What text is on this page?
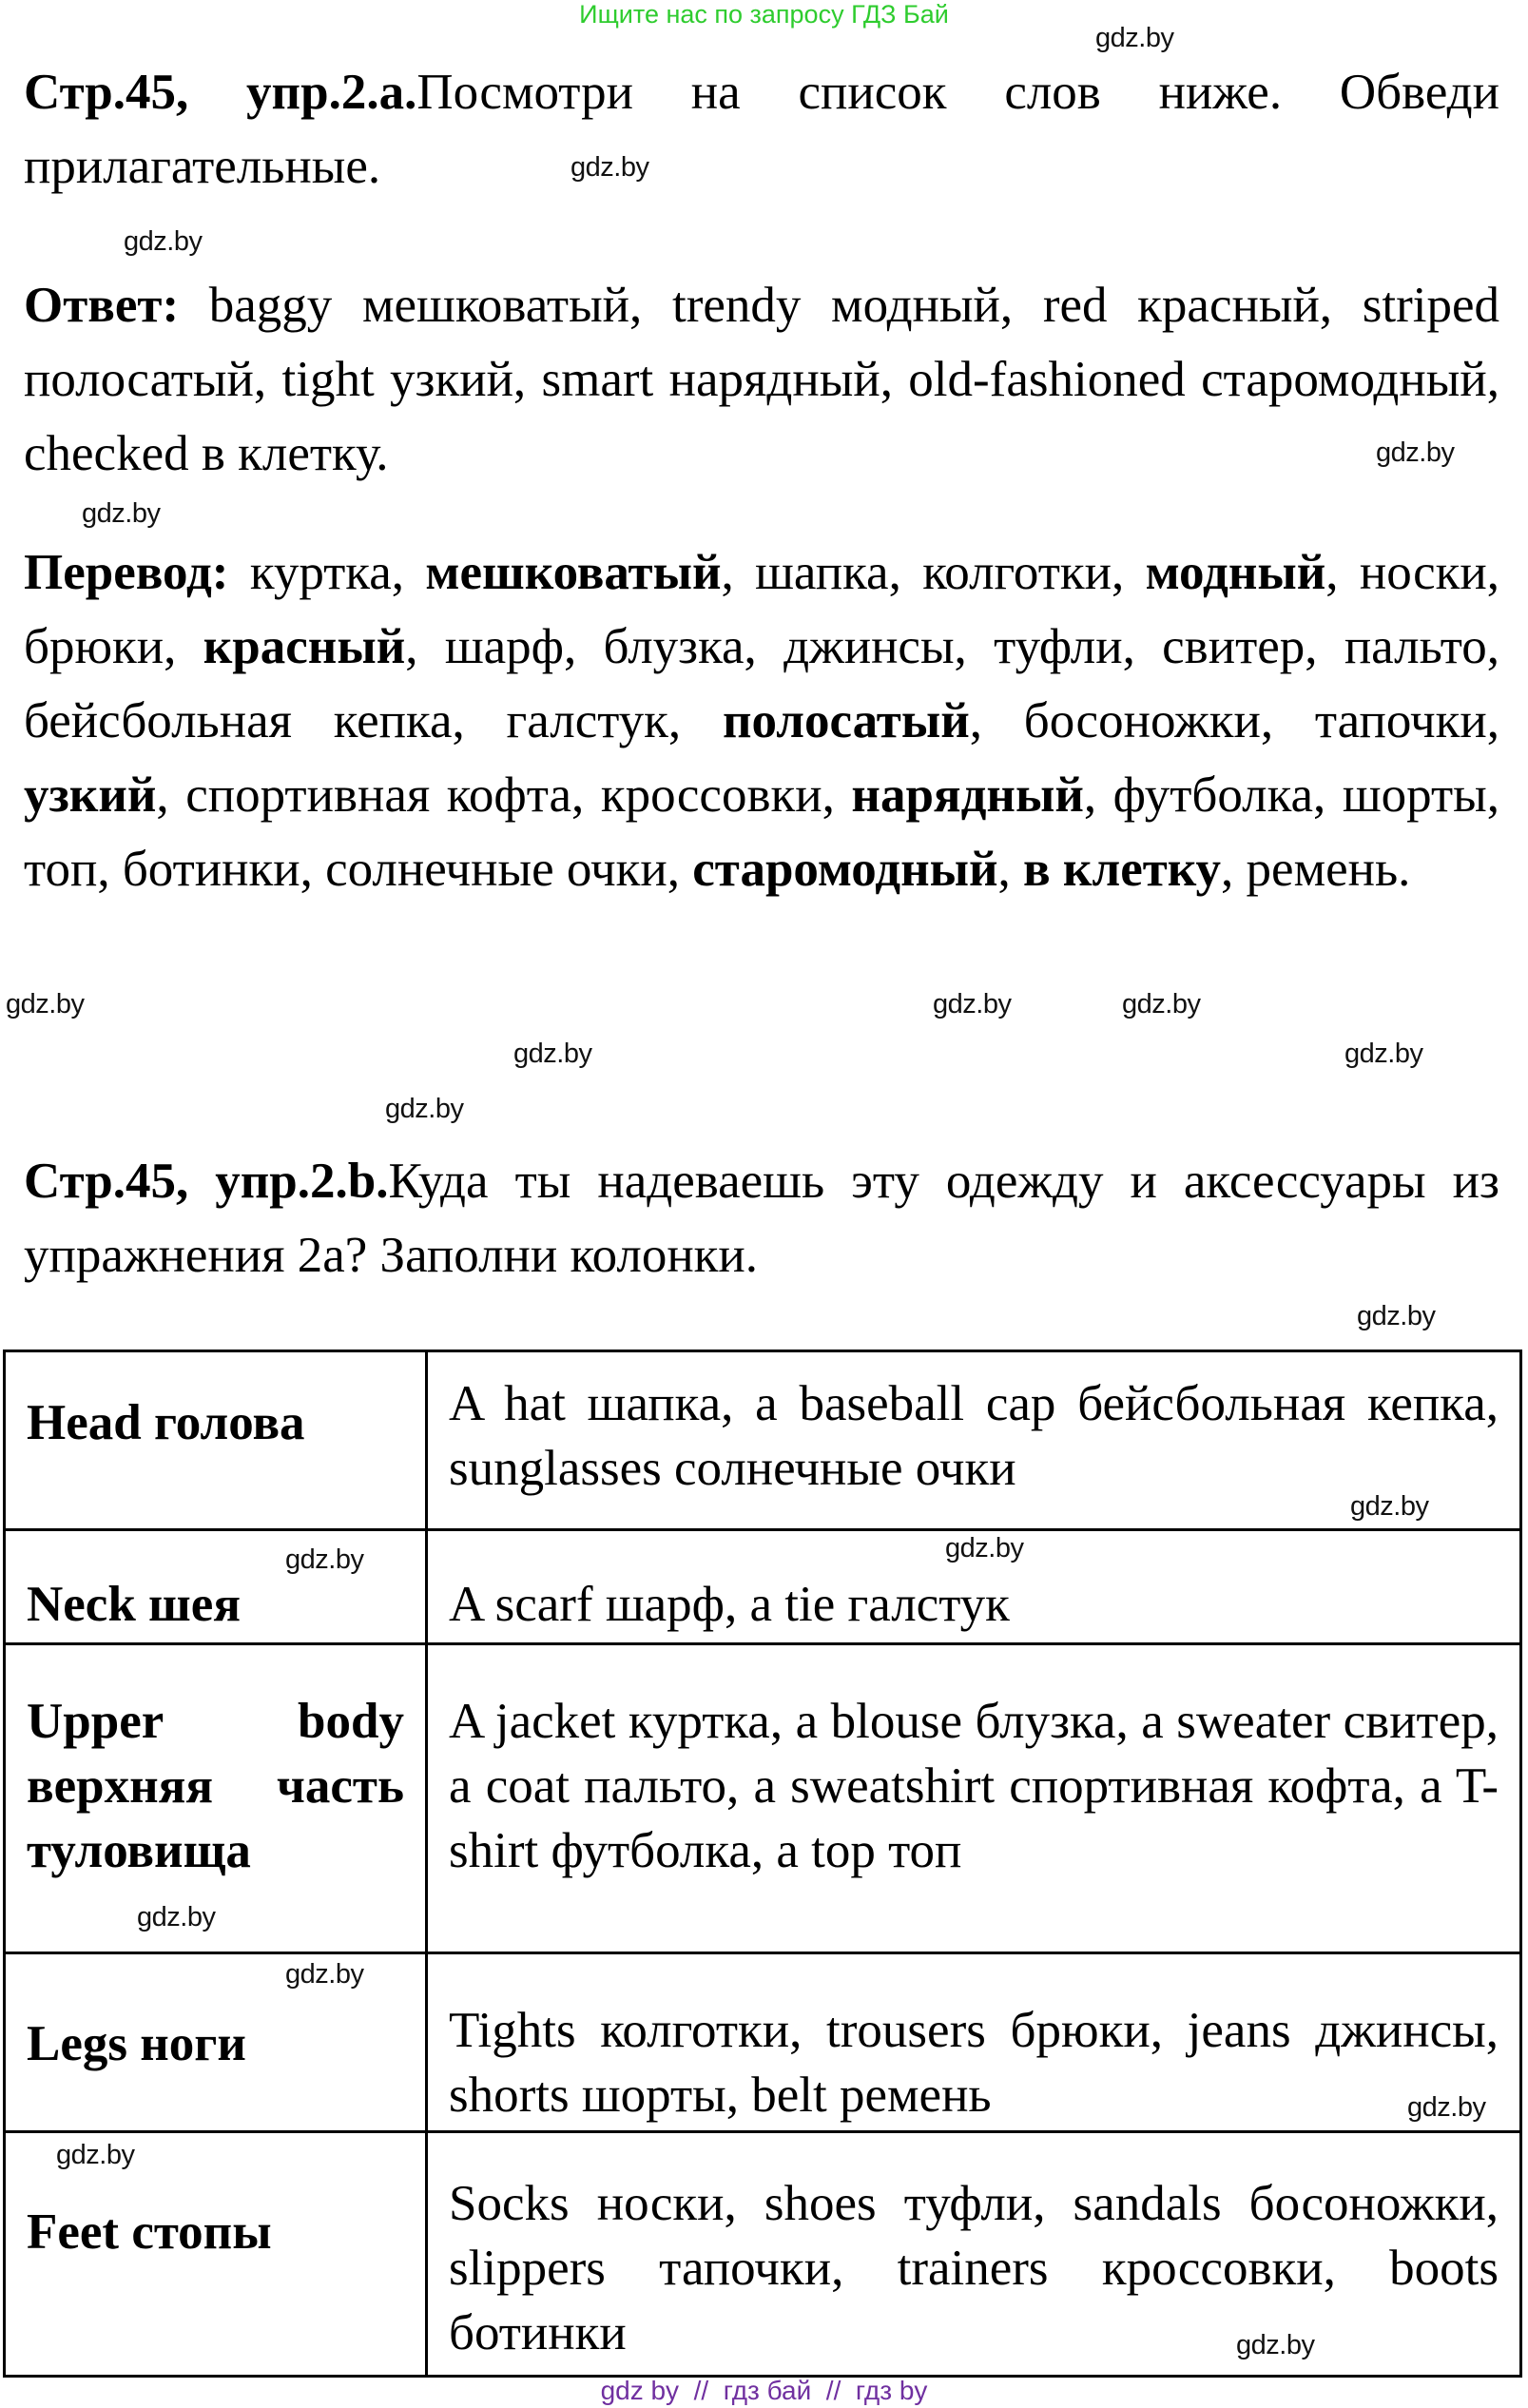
Ищите нас по запросу ГДЗ Бай
Стр.45, упр.2.a.Посмотри на список слов ниже. Обведи прилагательные.
Ответ: baggy мешковатый, trendy модный, red красный, striped полосатый, tight узкий, smart нарядный, old-fashioned старомодный, checked в клетку.
Перевод: куртка, мешковатый, шапка, колготки, модный, носки, брюки, красный, шарф, блузка, джинсы, туфли, свитер, пальто, бейсбольная кепка, галстук, полосатый, босоножки, тапочки, узкий, спортивная кофта, кроссовки, нарядный, футболка, шорты, топ, ботинки, солнечные очки, старомодный, в клетку, ремень.
Стр.45, упр.2.b.Куда ты надеваешь эту одежду и аксессуары из упражнения 2a? Заполни колонки.
Head голова	A hat шапка, a baseball cap бейсбольная кепка, sunglasses солнечные очки
Neck шея	A scarf шарф, a tie галстук
Upper body верхняя часть туловища	A jacket куртка, a blouse блузка, a sweater свитер, a coat пальто, a sweatshirt спортивная кофта, a T-shirt футболка, a top топ
Legs ноги	Tights колготки, trousers брюки, jeans джинсы, shorts шорты, belt ремень
Feet стопы	Socks носки, shoes туфли, sandals босоножки, slippers тапочки, trainers кроссовки, boots ботинки
gdz.by
gdz.by
gdz.by
gdz.by
gdz.by
gdz.by	gdz.by
gdz.by
gdz.by
gdz.by
gdz.by
gdz.by
gdz.by
gdz.by
gdz.by
gdz.by
gdz.by
gdz.by
gdz.by
gdz.by
gdz by  //  гдз бай  //  гдз by
